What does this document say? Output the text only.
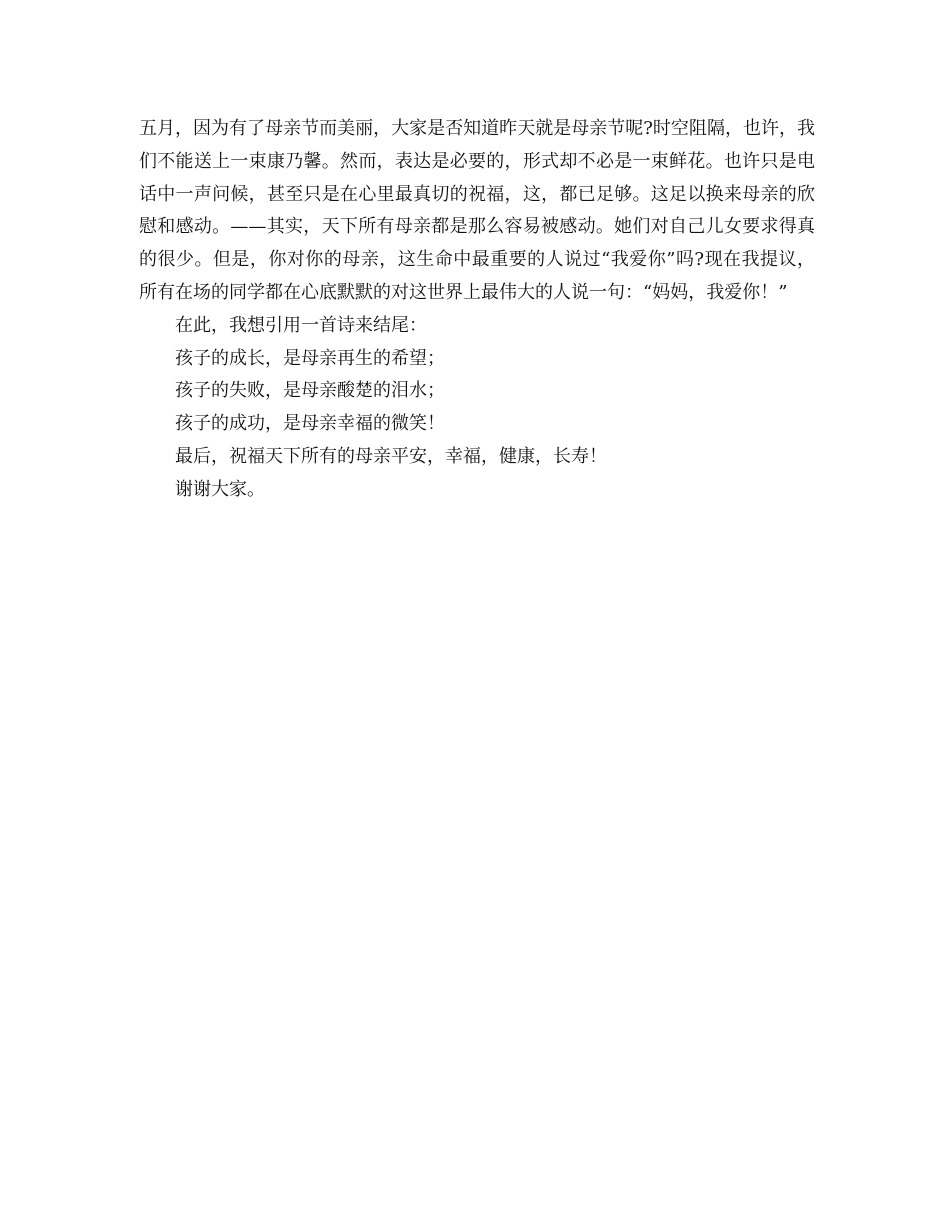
五月，因为有了母亲节而美丽，大家是否知道昨天就是母亲节呢?时空阻隔，也许，我们不能送上一束康乃馨。然而，表达是必要的，形式却不必是一束鲜花。也许只是电话中一声问候，甚至只是在心里最真切的祝福，这，都已足够。这足以换来母亲的欣慰和感动。——其实，天下所有母亲都是那么容易被感动。她们对自己儿女要求得真的很少。但是，你对你的母亲，这生命中最重要的人说过“我爱你”吗?现在我提议，所有在场的同学都在心底默默的对这世界上最伟大的人说一句：“妈妈，我爱你！”

在此，我想引用一首诗来结尾：

孩子的成长，是母亲再生的希望；

孩子的失败，是母亲酸楚的泪水；

孩子的成功，是母亲幸福的微笑！

最后，祝福天下所有的母亲平安，幸福，健康，长寿！

谢谢大家。
